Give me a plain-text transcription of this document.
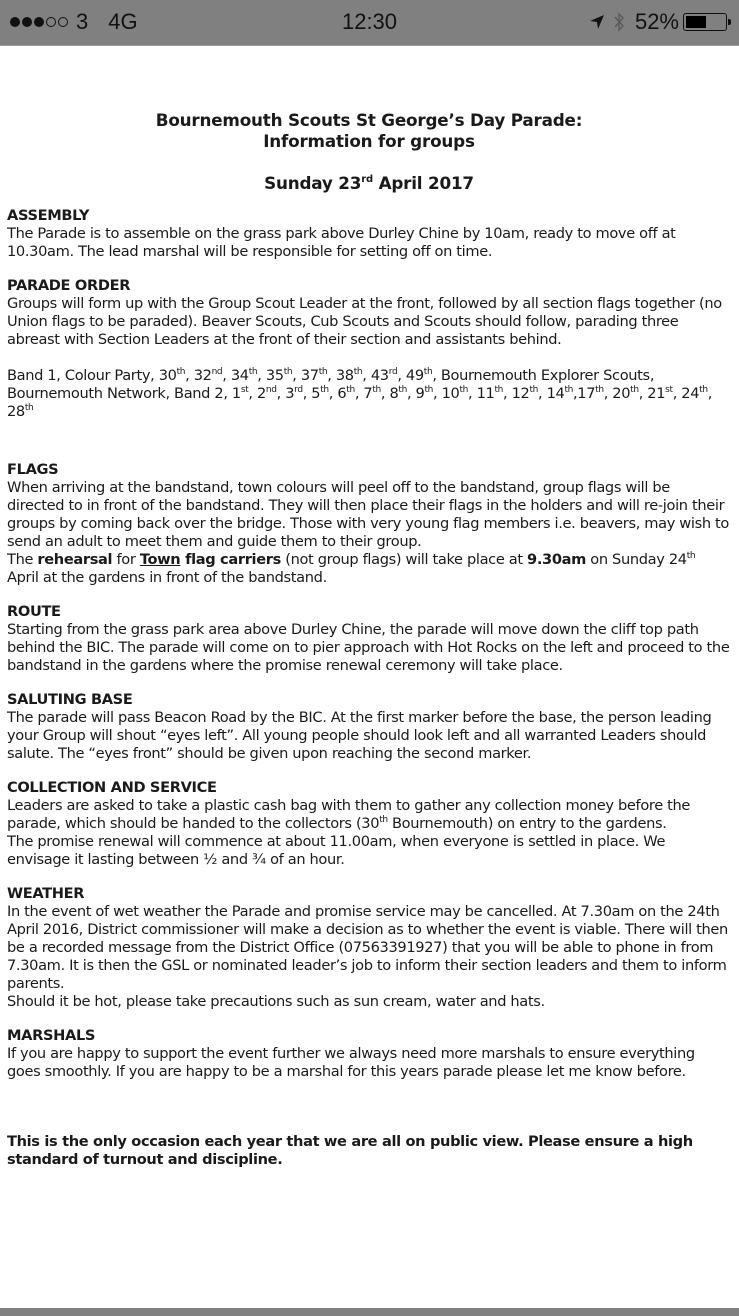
3 4G	12:30	52%
Bournemouth Scouts St George’s Day Parade:
Information for groups
Sunday 23rd April 2017
ASSEMBLY

The Parade is to assemble on the grass park above Durley Chine by 10am, ready to move off at 10.30am. The lead marshal will be responsible for setting off on time.

PARADE ORDER

Groups will form up with the Group Scout Leader at the front, followed by all section flags together (no Union flags to be paraded). Beaver Scouts, Cub Scouts and Scouts should follow, parading three abreast with Section Leaders at the front of their section and assistants behind.

Band 1, Colour Party, 30th, 32nd, 34th, 35th, 37th, 38th, 43rd, 49th, Bournemouth Explorer Scouts, Bournemouth Network, Band 2, 1st, 2nd, 3rd, 5th, 6th, 7th, 8th, 9th, 10th, 11th, 12th, 14th,17th, 20th, 21st, 24th, 28th

FLAGS

When arriving at the bandstand, town colours will peel off to the bandstand, group flags will be directed to in front of the bandstand. They will then place their flags in the holders and will re-join their groups by coming back over the bridge. Those with very young flag members i.e. beavers, may wish to send an adult to meet them and guide them to their group.

The rehearsal for Town flag carriers (not group flags) will take place at 9.30am on Sunday 24th April at the gardens in front of the bandstand.

ROUTE

Starting from the grass park area above Durley Chine, the parade will move down the cliff top path behind the BIC. The parade will come on to pier approach with Hot Rocks on the left and proceed to the bandstand in the gardens where the promise renewal ceremony will take place.

SALUTING BASE

The parade will pass Beacon Road by the BIC. At the first marker before the base, the person leading your Group will shout “eyes left”. All young people should look left and all warranted Leaders should salute. The “eyes front” should be given upon reaching the second marker.

COLLECTION AND SERVICE

Leaders are asked to take a plastic cash bag with them to gather any collection money before the parade, which should be handed to the collectors (30th Bournemouth) on entry to the gardens.

The promise renewal will commence at about 11.00am, when everyone is settled in place. We envisage it lasting between ½ and ¾ of an hour.

WEATHER

In the event of wet weather the Parade and promise service may be cancelled. At 7.30am on the 24th April 2016, District commissioner will make a decision as to whether the event is viable. There will then be a recorded message from the District Office (07563391927) that you will be able to phone in from 7.30am. It is then the GSL or nominated leader’s job to inform their section leaders and them to inform parents.

Should it be hot, please take precautions such as sun cream, water and hats.

MARSHALS

If you are happy to support the event further we always need more marshals to ensure everything goes smoothly. If you are happy to be a marshal for this years parade please let me know before.

This is the only occasion each year that we are all on public view. Please ensure a high standard of turnout and discipline.
